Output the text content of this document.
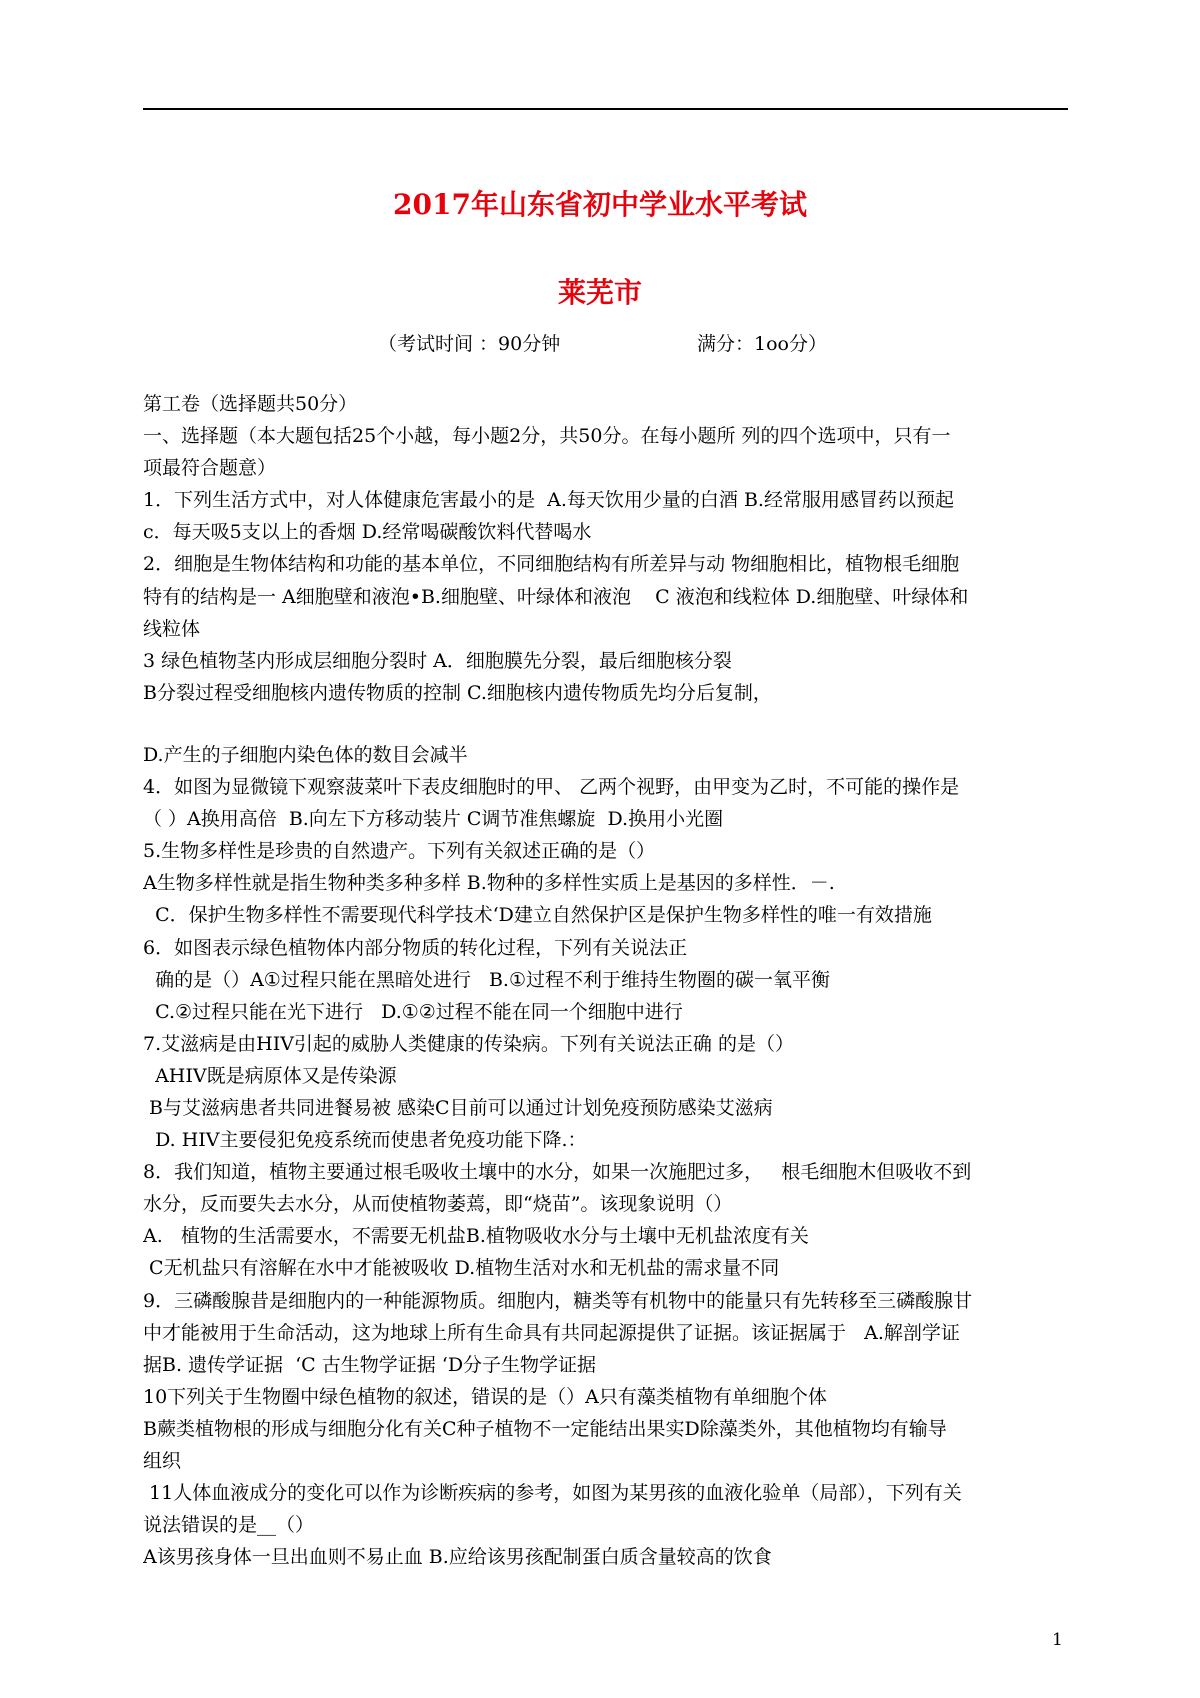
2017年山东省初中学业水平考试
莱芜市
（考试时间 ：90分钟	满分：1oo分）
第工卷（选择题共50分）
一、选择题（本大题包括25个小越，每小题2分，共50分。在每小题所 列的四个选项中，只有一
项最符合题意）
1．下列生活方式中，对人体健康危害最小的是  A.每天饮用少量的白酒 B.经常服用感冒药以预起
c．每天吸5支以上的香烟 D.经常喝碳酸饮料代替喝水
2．细胞是生物体结构和功能的基本单位，不同细胞结构有所差异与动 物细胞相比，植物根毛细胞
特有的结构是一 A细胞壁和液泡•B.细胞壁、叶绿体和液泡    C 液泡和线粒体 D.细胞壁、叶绿体和
线粒体
3 绿色植物茎内形成层细胞分裂时 A．细胞膜先分裂，最后细胞核分裂
B分裂过程受细胞核内遗传物质的控制 C.细胞核内遗传物质先均分后复制，
D.产生的子细胞内染色体的数目会减半
4．如图为显微镜下观察菠菜叶下表皮细胞时的甲、 乙两个视野，由甲变为乙时，不可能的操作是
（ ）A换用高倍  B.向左下方移动装片 C调节准焦螺旋  D.换用小光圈
5.生物多样性是珍贵的自然遗产。下列有关叙述正确的是（）
A生物多样性就是指生物种类多种多样 B.物种的多样性实质上是基因的多样性．－.
C．保护生物多样性不需要现代科学技术‘D建立自然保护区是保护生物多样性的唯一有效措施
6．如图表示绿色植物体内部分物质的转化过程，下列有关说法正
确的是（）A①过程只能在黑暗处进行   B.①过程不利于维持生物圈的碳一氧平衡
C.②过程只能在光下进行   D.①②过程不能在同一个细胞中进行
7.艾滋病是由HIV引起的威胁人类健康的传染病。下列有关说法正确 的是（）
AHIV既是病原体又是传染源
B与艾滋病患者共同进餐易被 感染C目前可以通过计划免疫预防感染艾滋病
D. HIV主要侵犯免疫系统而使患者免疫功能下降.：
8．我们知道，植物主要通过根毛吸收土壤中的水分，如果一次施肥过多，   根毛细胞木但吸收不到
水分，反而要失去水分，从而使植物萎蔫，即“烧苗”。该现象说明（）
A.   植物的生活需要水，不需要无机盐B.植物吸收水分与土壤中无机盐浓度有关
C无机盐只有溶解在水中才能被吸收 D.植物生活对水和无机盐的需求量不同
9．三磷酸腺昔是细胞内的一种能源物质。细胞内，糖类等有机物中的能量只有先转移至三磷酸腺甘
中才能被用于生命活动，这为地球上所有生命具有共同起源提供了证据。该证据属于   A.解剖学证
据B. 遗传学证据  ‘C 古生物学证据 ‘D分子生物学证据
10下列关于生物圈中绿色植物的叙述，错误的是（）A只有藻类植物有单细胞个体
B蕨类植物根的形成与细胞分化有关C种子植物不一定能结出果实D除藻类外，其他植物均有输导
组织
11人体血液成分的变化可以作为诊断疾病的参考，如图为某男孩的血液化验单（局部），下列有关
说法错误的是__（）
A该男孩身体一旦出血则不易止血 B.应给该男孩配制蛋白质含量较高的饮食
1
